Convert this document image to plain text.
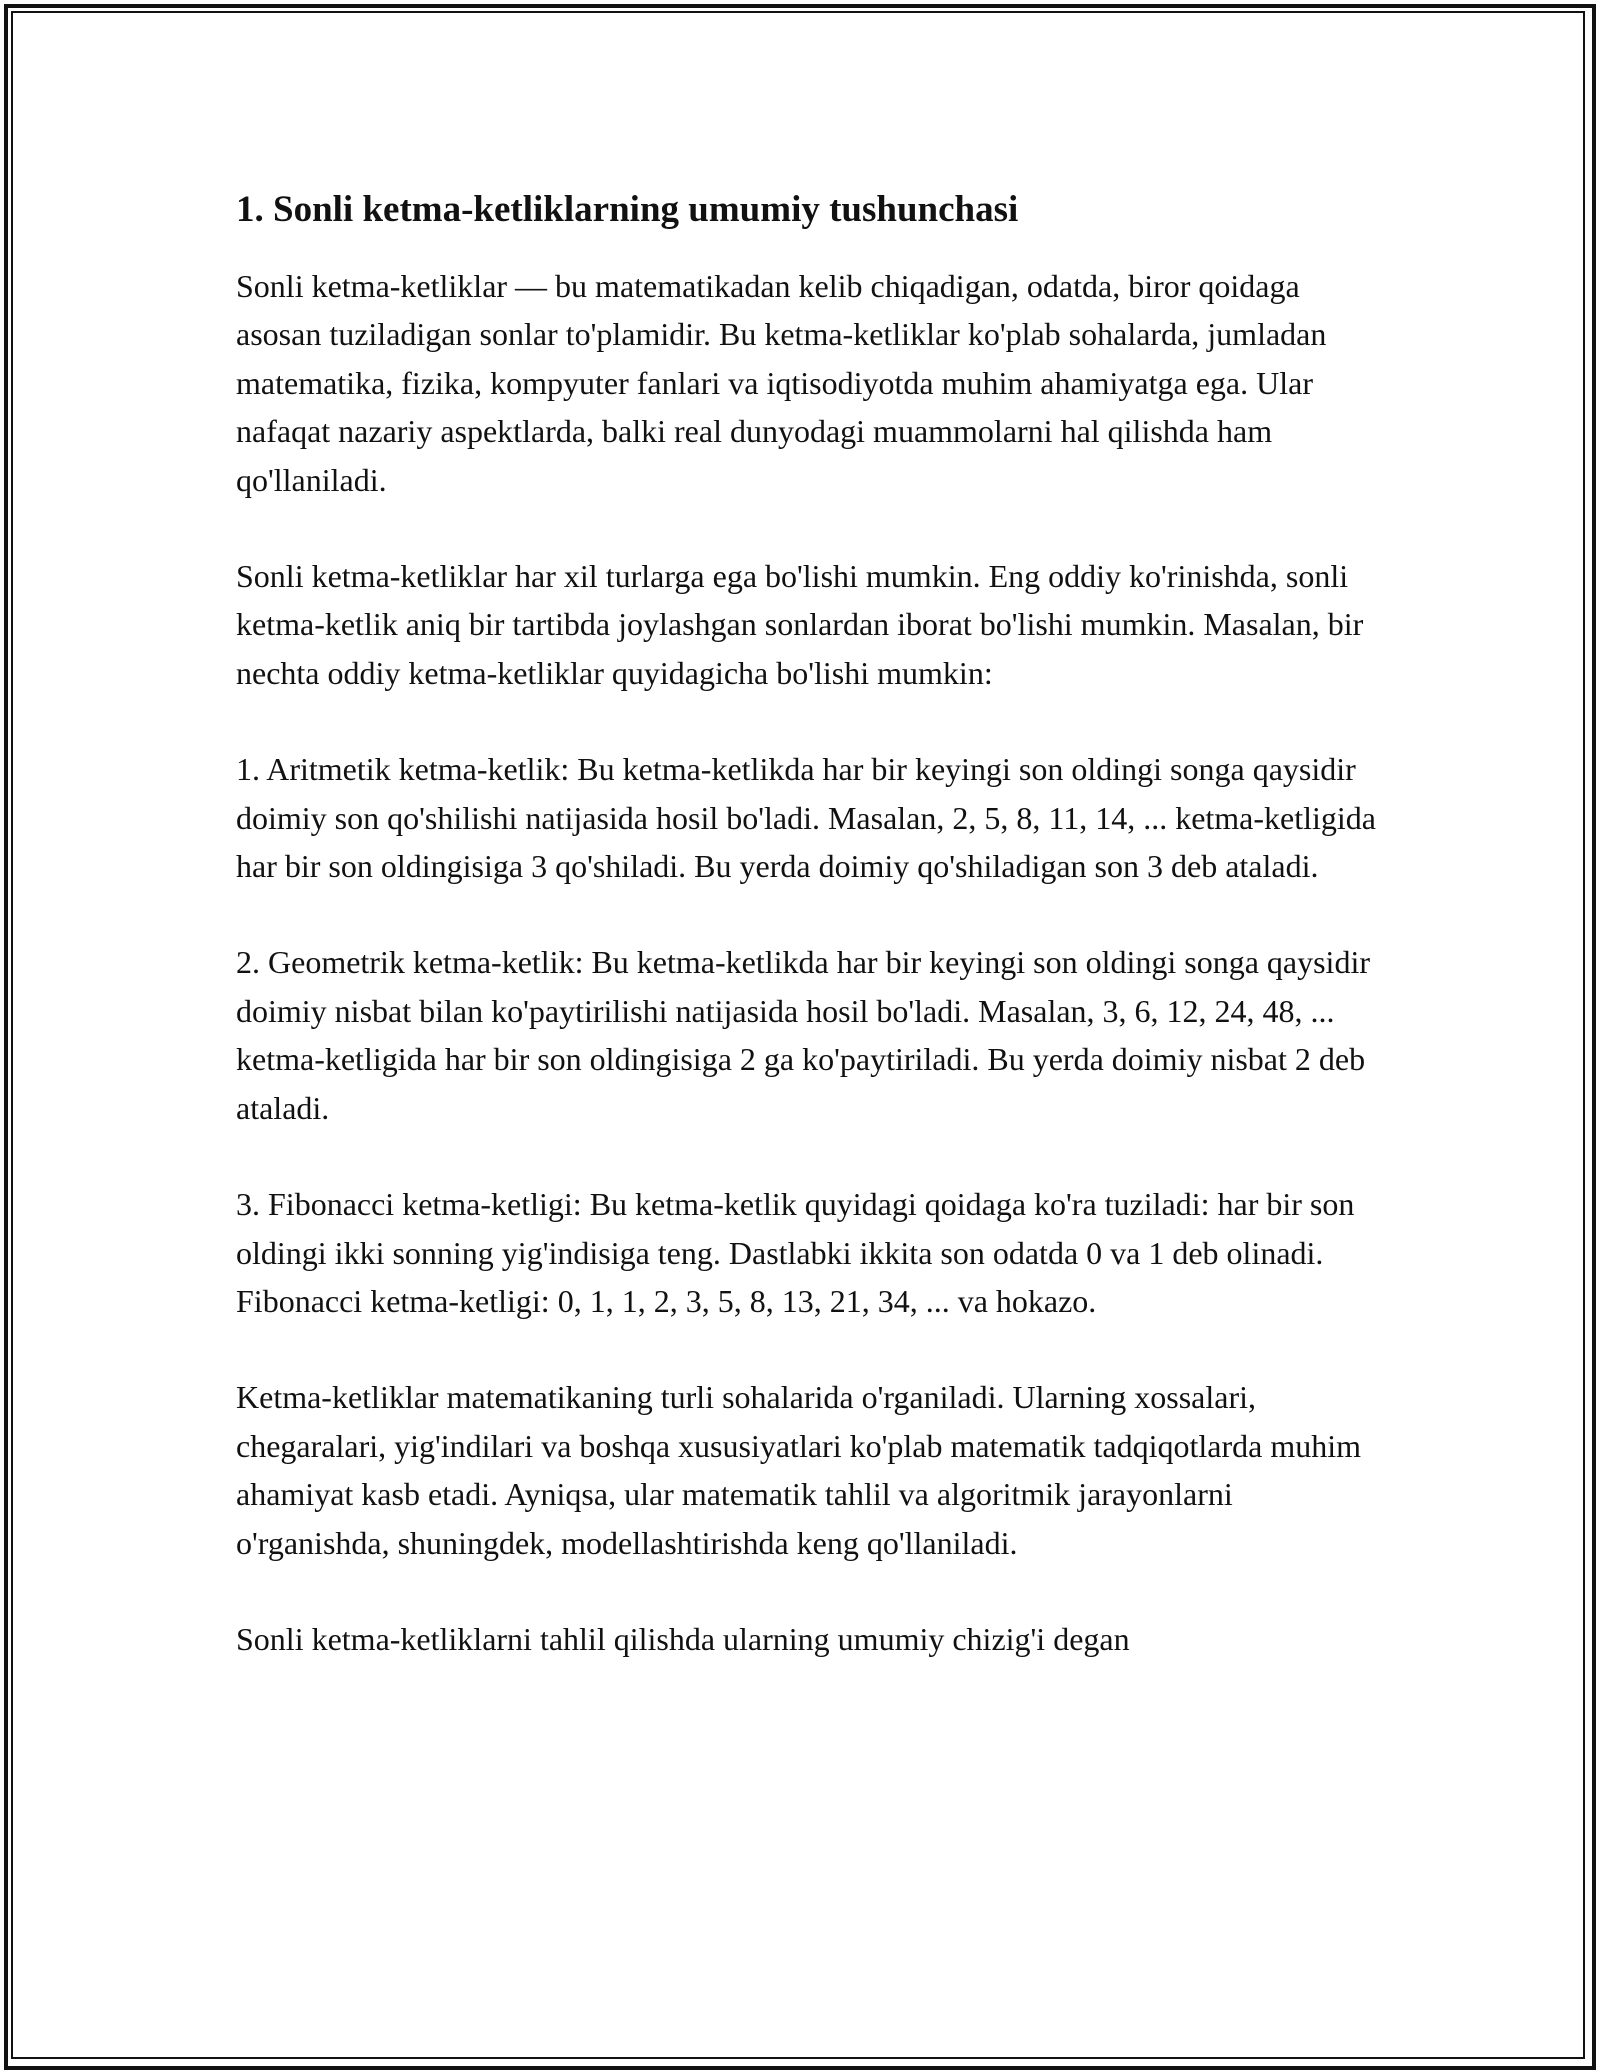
1. Sonli ketma-ketliklarning umumiy tushunchasi

Sonli ketma-ketliklar — bu matematikadan kelib chiqadigan, odatda, biror qoidaga asosan tuziladigan sonlar to'plamidir. Bu ketma-ketliklar ko'plab sohalarda, jumladan matematika, fizika, kompyuter fanlari va iqtisodiyotda muhim ahamiyatga ega. Ular nafaqat nazariy aspektlarda, balki real dunyodagi muammolarni hal qilishda ham qo'llaniladi.

Sonli ketma-ketliklar har xil turlarga ega bo'lishi mumkin. Eng oddiy ko'rinishda, sonli ketma-ketlik aniq bir tartibda joylashgan sonlardan iborat bo'lishi mumkin. Masalan, bir nechta oddiy ketma-ketliklar quyidagicha bo'lishi mumkin:

1. Aritmetik ketma-ketlik: Bu ketma-ketlikda har bir keyingi son oldingi songa qaysidir doimiy son qo'shilishi natijasida hosil bo'ladi. Masalan, 2, 5, 8, 11, 14, ... ketma-ketligida har bir son oldingisiga 3 qo'shiladi. Bu yerda doimiy qo'shiladigan son 3 deb ataladi.

2. Geometrik ketma-ketlik: Bu ketma-ketlikda har bir keyingi son oldingi songa qaysidir doimiy nisbat bilan ko'paytirilishi natijasida hosil bo'ladi. Masalan, 3, 6, 12, 24, 48, ... ketma-ketligida har bir son oldingisiga 2 ga ko'paytiriladi. Bu yerda doimiy nisbat 2 deb ataladi.

3. Fibonacci ketma-ketligi: Bu ketma-ketlik quyidagi qoidaga ko'ra tuziladi: har bir son oldingi ikki sonning yig'indisiga teng. Dastlabki ikkita son odatda 0 va 1 deb olinadi. Fibonacci ketma-ketligi: 0, 1, 1, 2, 3, 5, 8, 13, 21, 34, ... va hokazo.

Ketma-ketliklar matematikaning turli sohalarida o'rganiladi. Ularning xossalari, chegaralari, yig'indilari va boshqa xususiyatlari ko'plab matematik tadqiqotlarda muhim ahamiyat kasb etadi. Ayniqsa, ular matematik tahlil va algoritmik jarayonlarni o'rganishda, shuningdek, modellashtirishda keng qo'llaniladi.

Sonli ketma-ketliklarni tahlil qilishda ularning umumiy chizig'i degan
